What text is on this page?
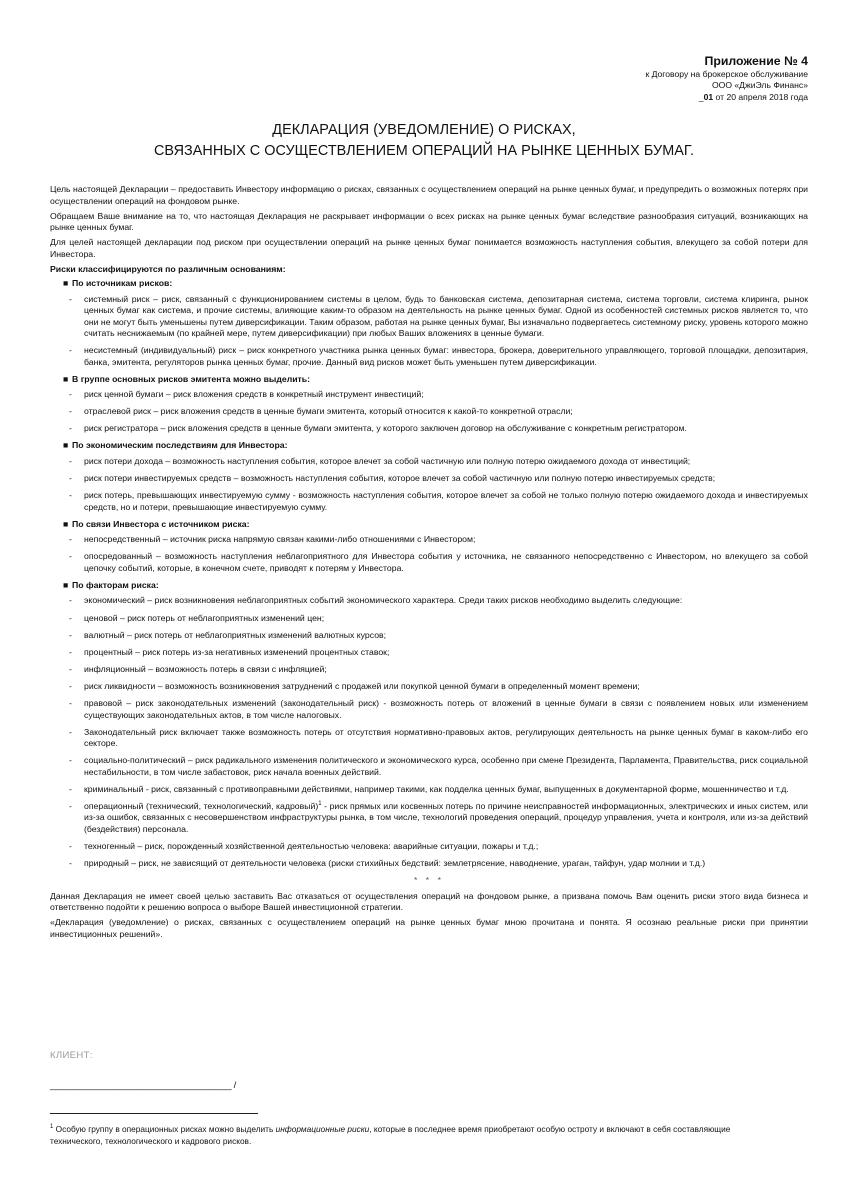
Приложение № 4
к Договору на брокерское обслуживание
ООО «ДжиЭль Финанс»
_01 от 20 апреля 2018 года
ДЕКЛАРАЦИЯ (УВЕДОМЛЕНИЕ) О РИСКАХ,
СВЯЗАННЫХ С ОСУЩЕСТВЛЕНИЕМ ОПЕРАЦИЙ НА РЫНКЕ ЦЕННЫХ БУМАГ.

Цель настоящей Декларации – предоставить Инвестору информацию о рисках, связанных с осуществлением операций на рынке ценных бумаг, и предупредить о возможных потерях при осуществлении операций на фондовом рынке.

Обращаем Ваше внимание на то, что настоящая Декларация не раскрывает информации о всех рисках на рынке ценных бумаг вследствие разнообразия ситуаций, возникающих на рынке ценных бумаг.

Для целей настоящей декларации под риском при осуществлении операций на рынке ценных бумаг понимается возможность наступления события, влекущего за собой потери для Инвестора.

Риски классифицируются по различным основаниям:
■ По источникам рисков:
- системный риск – риск, связанный с функционированием системы в целом, будь то банковская система, депозитарная система, система торговли, система клиринга, рынок ценных бумаг как система, и прочие системы, влияющие каким-то образом на деятельность на рынке ценных бумаг. Одной из особенностей системных рисков является то, что они не могут быть уменьшены путем диверсификации. Таким образом, работая на рынке ценных бумаг, Вы изначально подвергаетесь системному риску, уровень которого можно считать неснижаемым (по крайней мере, путем диверсификации) при любых Ваших вложениях в ценные бумаги.
- несистемный (индивидуальный) риск – риск конкретного участника рынка ценных бумаг: инвестора, брокера, доверительного управляющего, торговой площадки, депозитария, банка, эмитента, регуляторов рынка ценных бумаг, прочие. Данный вид рисков может быть уменьшен путем диверсификации.
■ В группе основных рисков эмитента можно выделить:
- риск ценной бумаги – риск вложения средств в конкретный инструмент инвестиций;
- отраслевой риск – риск вложения средств в ценные бумаги эмитента, который относится к какой-то конкретной отрасли;
- риск регистратора – риск вложения средств в ценные бумаги эмитента, у которого заключен договор на обслуживание с конкретным регистратором.
■ По экономическим последствиям для Инвестора:
- риск потери дохода – возможность наступления события, которое влечет за собой частичную или полную потерю ожидаемого дохода от инвестиций;
- риск потери инвестируемых средств – возможность наступления события, которое влечет за собой частичную или полную потерю инвестируемых средств;
- риск потерь, превышающих инвестируемую сумму - возможность наступления события, которое влечет за собой не только полную потерю ожидаемого дохода и инвестируемых средств, но и потери, превышающие инвестируемую сумму.
■ По связи Инвестора с источником риска:
- непосредственный – источник риска напрямую связан какими-либо отношениями с Инвестором;
- опосредованный – возможность наступления неблагоприятного для Инвестора события у источника, не связанного непосредственно с Инвестором, но влекущего за собой цепочку событий, которые, в конечном счете, приводят к потерям у Инвестора.
■ По факторам риска:
- экономический – риск возникновения неблагоприятных событий экономического характера. Среди таких рисков необходимо выделить следующие:
- ценовой – риск потерь от неблагоприятных изменений цен;
- валютный – риск потерь от неблагоприятных изменений валютных курсов;
- процентный – риск потерь из-за негативных изменений процентных ставок;
- инфляционный – возможность потерь в связи с инфляцией;
- риск ликвидности – возможность возникновения затруднений с продажей или покупкой ценной бумаги в определенный момент времени;
- правовой – риск законодательных изменений (законодательный риск) - возможность потерь от вложений в ценные бумаги в связи с появлением новых или изменением существующих законодательных актов, в том числе налоговых.
- Законодательный риск включает также возможность потерь от отсутствия нормативно-правовых актов, регулирующих деятельность на рынке ценных бумаг в каком-либо его секторе.
- социально-политический – риск радикального изменения политического и экономического курса, особенно при смене Президента, Парламента, Правительства, риск социальной нестабильности, в том числе забастовок, риск начала военных действий.
- криминальный - риск, связанный с противоправными действиями, например такими, как подделка ценных бумаг, выпущенных в документарной форме, мошенничество и т.д.
- операционный (технический, технологический, кадровый)$^1$ - риск прямых или косвенных потерь по причине неисправностей информационных, электрических и иных систем, или из-за ошибок, связанных с несовершенством инфраструктуры рынка, в том числе, технологий проведения операций, процедур управления, учета и контроля, или из-за действий (бездействия) персонала.
- техногенный – риск, порожденный хозяйственной деятельностью человека: аварийные ситуации, пожары и т.д.;
- природный – риск, не зависящий от деятельности человека (риски стихийных бедствий: землетрясение, наводнение, ураган, тайфун, удар молнии и т.д.)
* * *

Данная Декларация не имеет своей целью заставить Вас отказаться от осуществления операций на фондовом рынке, а призвана помочь Вам оценить риски этого вида бизнеса и ответственно подойти к решению вопроса о выборе Вашей инвестиционной стратегии.

«Декларация (уведомление) о рисках, связанных с осуществлением операций на рынке ценных бумаг мною прочитана и понята. Я осознаю реальные риски при принятии инвестиционных решений».

КЛИЕНТ:
____________________________________ /
$^1$ Особую группу в операционных рисках можно выделить информационные риски, которые в последнее время приобретают особую остроту и включают в себя составляющие технического, технологического и кадрового рисков.
